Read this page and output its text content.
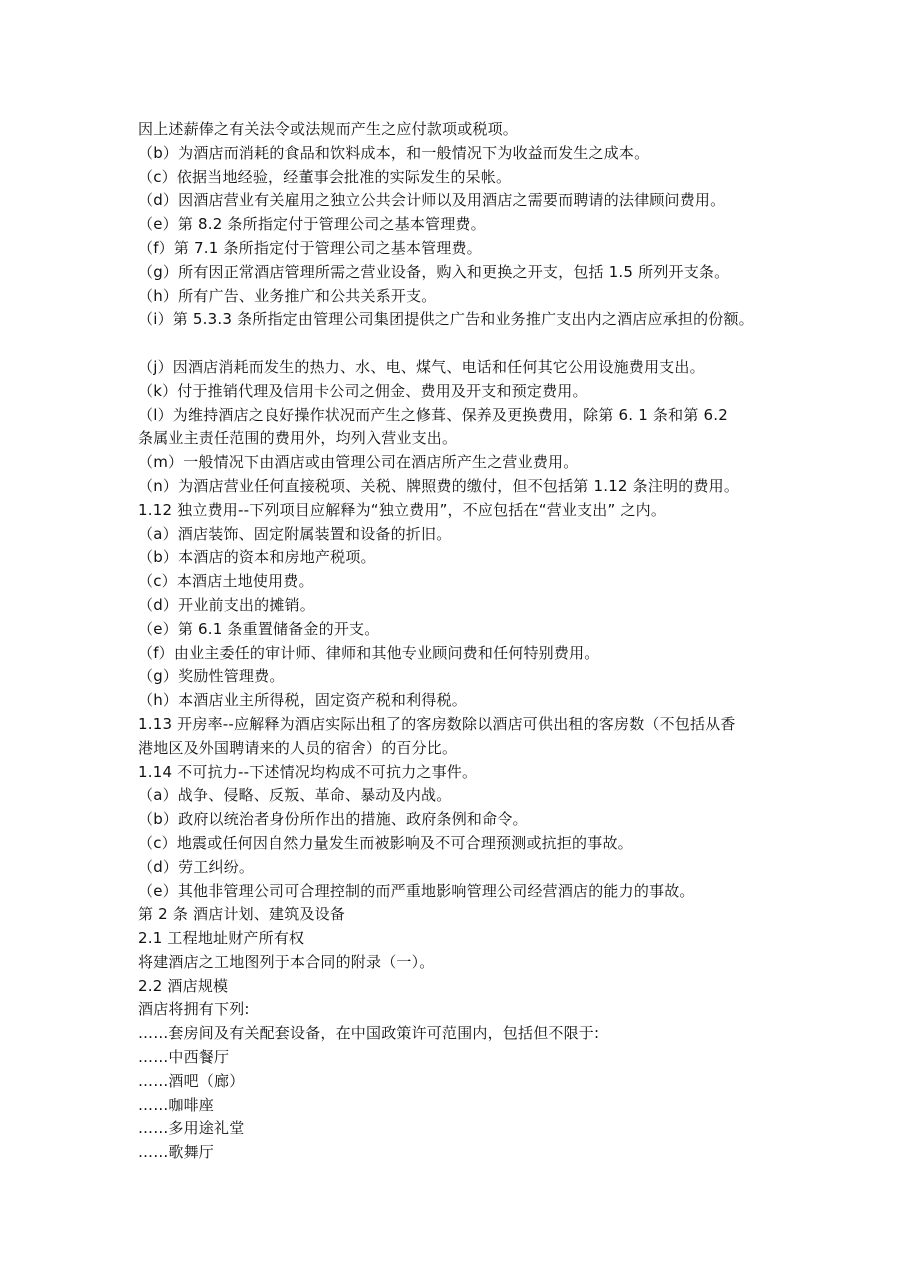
因上述薪俸之有关法令或法规而产生之应付款项或税项。
（b）为酒店而消耗的食品和饮料成本，和一般情况下为收益而发生之成本。
（c）依据当地经验，经董事会批准的实际发生的呆帐。
（d）因酒店营业有关雇用之独立公共会计师以及用酒店之需要而聘请的法律顾问费用。
（e）第 8.2 条所指定付于管理公司之基本管理费。
（f）第 7.1 条所指定付于管理公司之基本管理费。
（g）所有因正常酒店管理所需之营业设备，购入和更换之开支，包括 1.5 所列开支条。
（h）所有广告、业务推广和公共关系开支。
（i）第 5.3.3 条所指定由管理公司集团提供之广告和业务推广支出内之酒店应承担的份额。
（j）因酒店消耗而发生的热力、水、电、煤气、电话和任何其它公用设施费用支出。
（k）付于推销代理及信用卡公司之佣金、费用及开支和预定费用。
（l）为维持酒店之良好操作状况而产生之修葺、保养及更换费用，除第 6. 1 条和第 6.2
条属业主责任范围的费用外，均列入营业支出。
（m）一般情况下由酒店或由管理公司在酒店所产生之营业费用。
（n）为酒店营业任何直接税项、关税、牌照费的缴付，但不包括第 1.12 条注明的费用。
1.12 独立费用--下列项目应解释为“独立费用”，不应包括在“营业支出” 之内。
（a）酒店装饰、固定附属装置和设备的折旧。
（b）本酒店的资本和房地产税项。
（c）本酒店土地使用费。
（d）开业前支出的摊销。
（e）第 6.1 条重置储备金的开支。
（f）由业主委任的审计师、律师和其他专业顾问费和任何特别费用。
（g）奖励性管理费。
（h）本酒店业主所得税，固定资产税和利得税。
1.13 开房率--应解释为酒店实际出租了的客房数除以酒店可供出租的客房数（不包括从香
港地区及外国聘请来的人员的宿舍）的百分比。
1.14 不可抗力--下述情况均构成不可抗力之事件。
（a）战争、侵略、反叛、革命、暴动及内战。
（b）政府以统治者身份所作出的措施、政府条例和命令。
（c）地震或任何因自然力量发生而被影响及不可合理预测或抗拒的事故。
（d）劳工纠纷。
（e）其他非管理公司可合理控制的而严重地影响管理公司经营酒店的能力的事故。
第 2 条 酒店计划、建筑及设备
2.1 工程地址财产所有权
将建酒店之工地图列于本合同的附录（一）。
2.2 酒店规模
酒店将拥有下列:
……套房间及有关配套设备，在中国政策许可范围内，包括但不限于:
……中西餐厅
……酒吧（廊）
……咖啡座
……多用途礼堂
……歌舞厅
